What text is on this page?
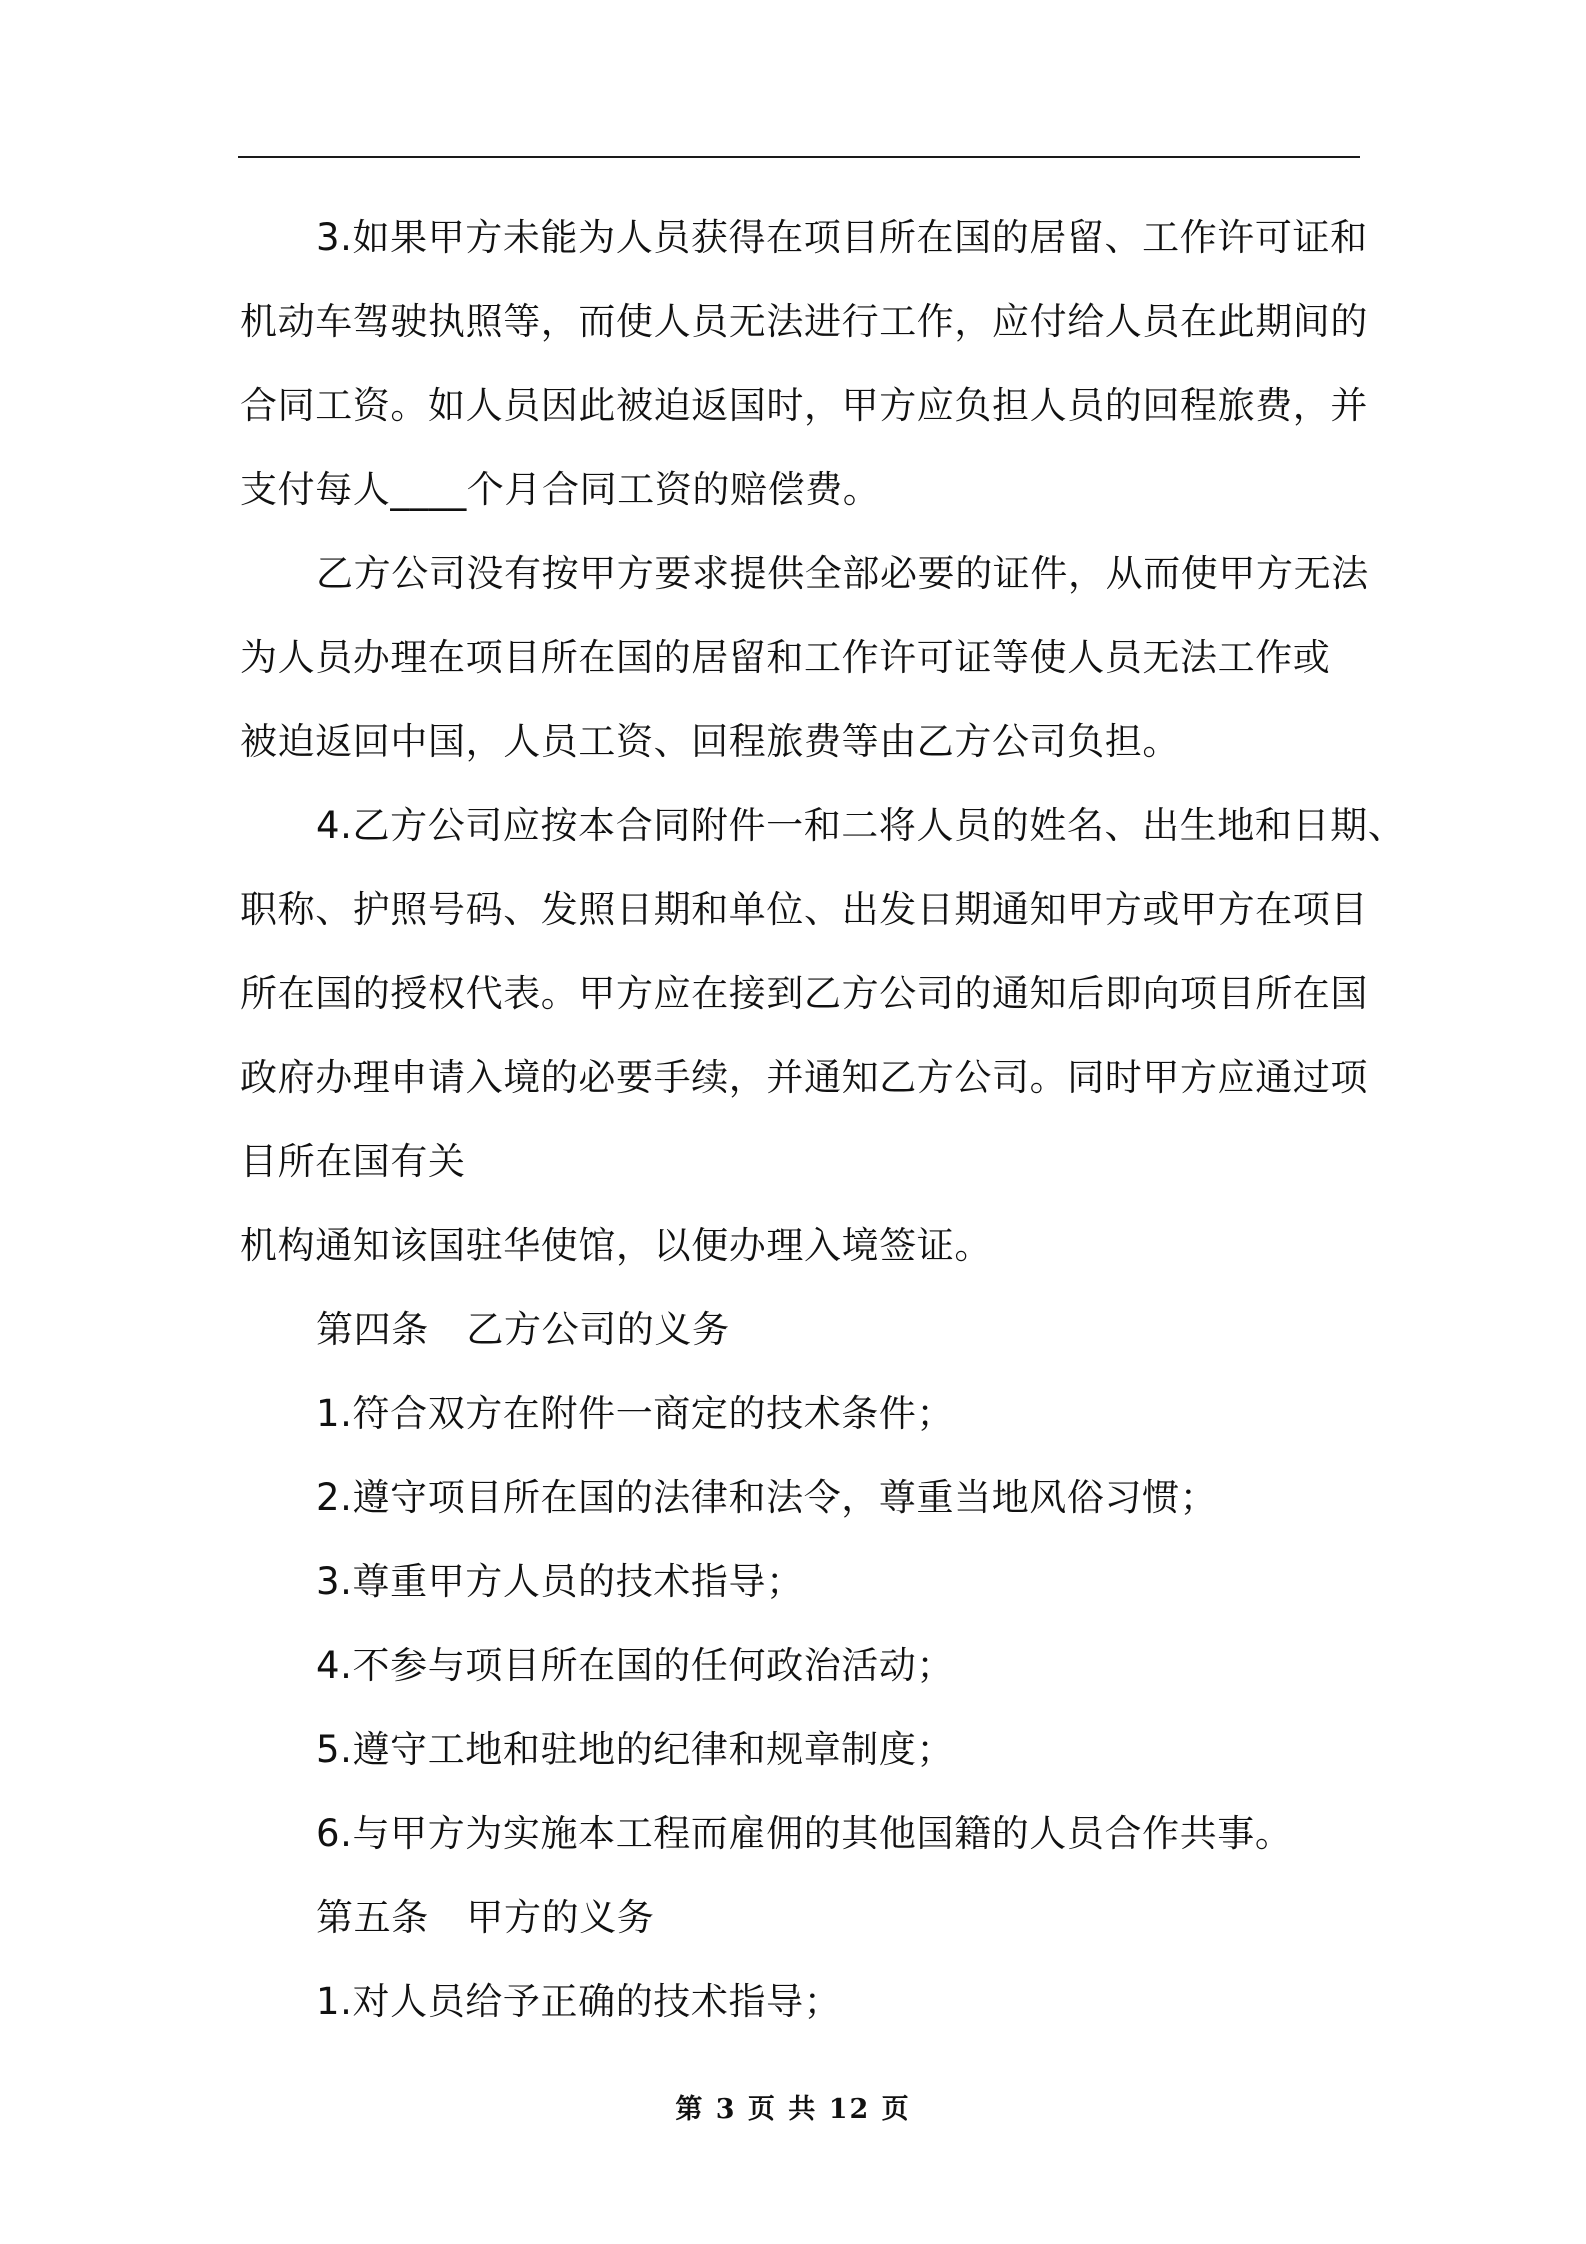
3.如果甲方未能为人员获得在项目所在国的居留、工作许可证和
机动车驾驶执照等，而使人员无法进行工作，应付给人员在此期间的
合同工资。如人员因此被迫返国时，甲方应负担人员的回程旅费，并
支付每人____个月合同工资的赔偿费。
乙方公司没有按甲方要求提供全部必要的证件，从而使甲方无法
为人员办理在项目所在国的居留和工作许可证等使人员无法工作或
被迫返回中国，人员工资、回程旅费等由乙方公司负担。
4.乙方公司应按本合同附件一和二将人员的姓名、出生地和日期、
职称、护照号码、发照日期和单位、出发日期通知甲方或甲方在项目
所在国的授权代表。甲方应在接到乙方公司的通知后即向项目所在国
政府办理申请入境的必要手续，并通知乙方公司。同时甲方应通过项
目所在国有关
机构通知该国驻华使馆，以便办理入境签证。
第四条　乙方公司的义务
1.符合双方在附件一商定的技术条件；
2.遵守项目所在国的法律和法令，尊重当地风俗习惯；
3.尊重甲方人员的技术指导；
4.不参与项目所在国的任何政治活动；
5.遵守工地和驻地的纪律和规章制度；
6.与甲方为实施本工程而雇佣的其他国籍的人员合作共事。
第五条　甲方的义务
1.对人员给予正确的技术指导；
第 3 页 共 12 页
